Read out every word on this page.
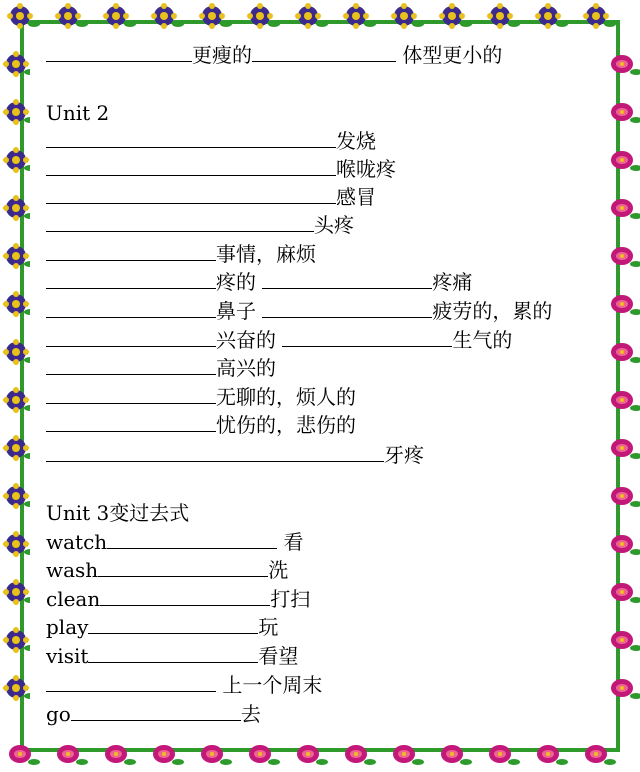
更瘦的	体型更小的
Unit 2
发烧
喉咙疼
感冒
头疼
事情，麻烦
疼的	疼痛
鼻子	疲劳的，累的
兴奋的	生气的
高兴的
无聊的，烦人的
忧伤的，悲伤的
牙疼
Unit 3变过去式
watch	看
wash	洗
clean	打扫
play	玩
visit	看望
上一个周末
go	去
